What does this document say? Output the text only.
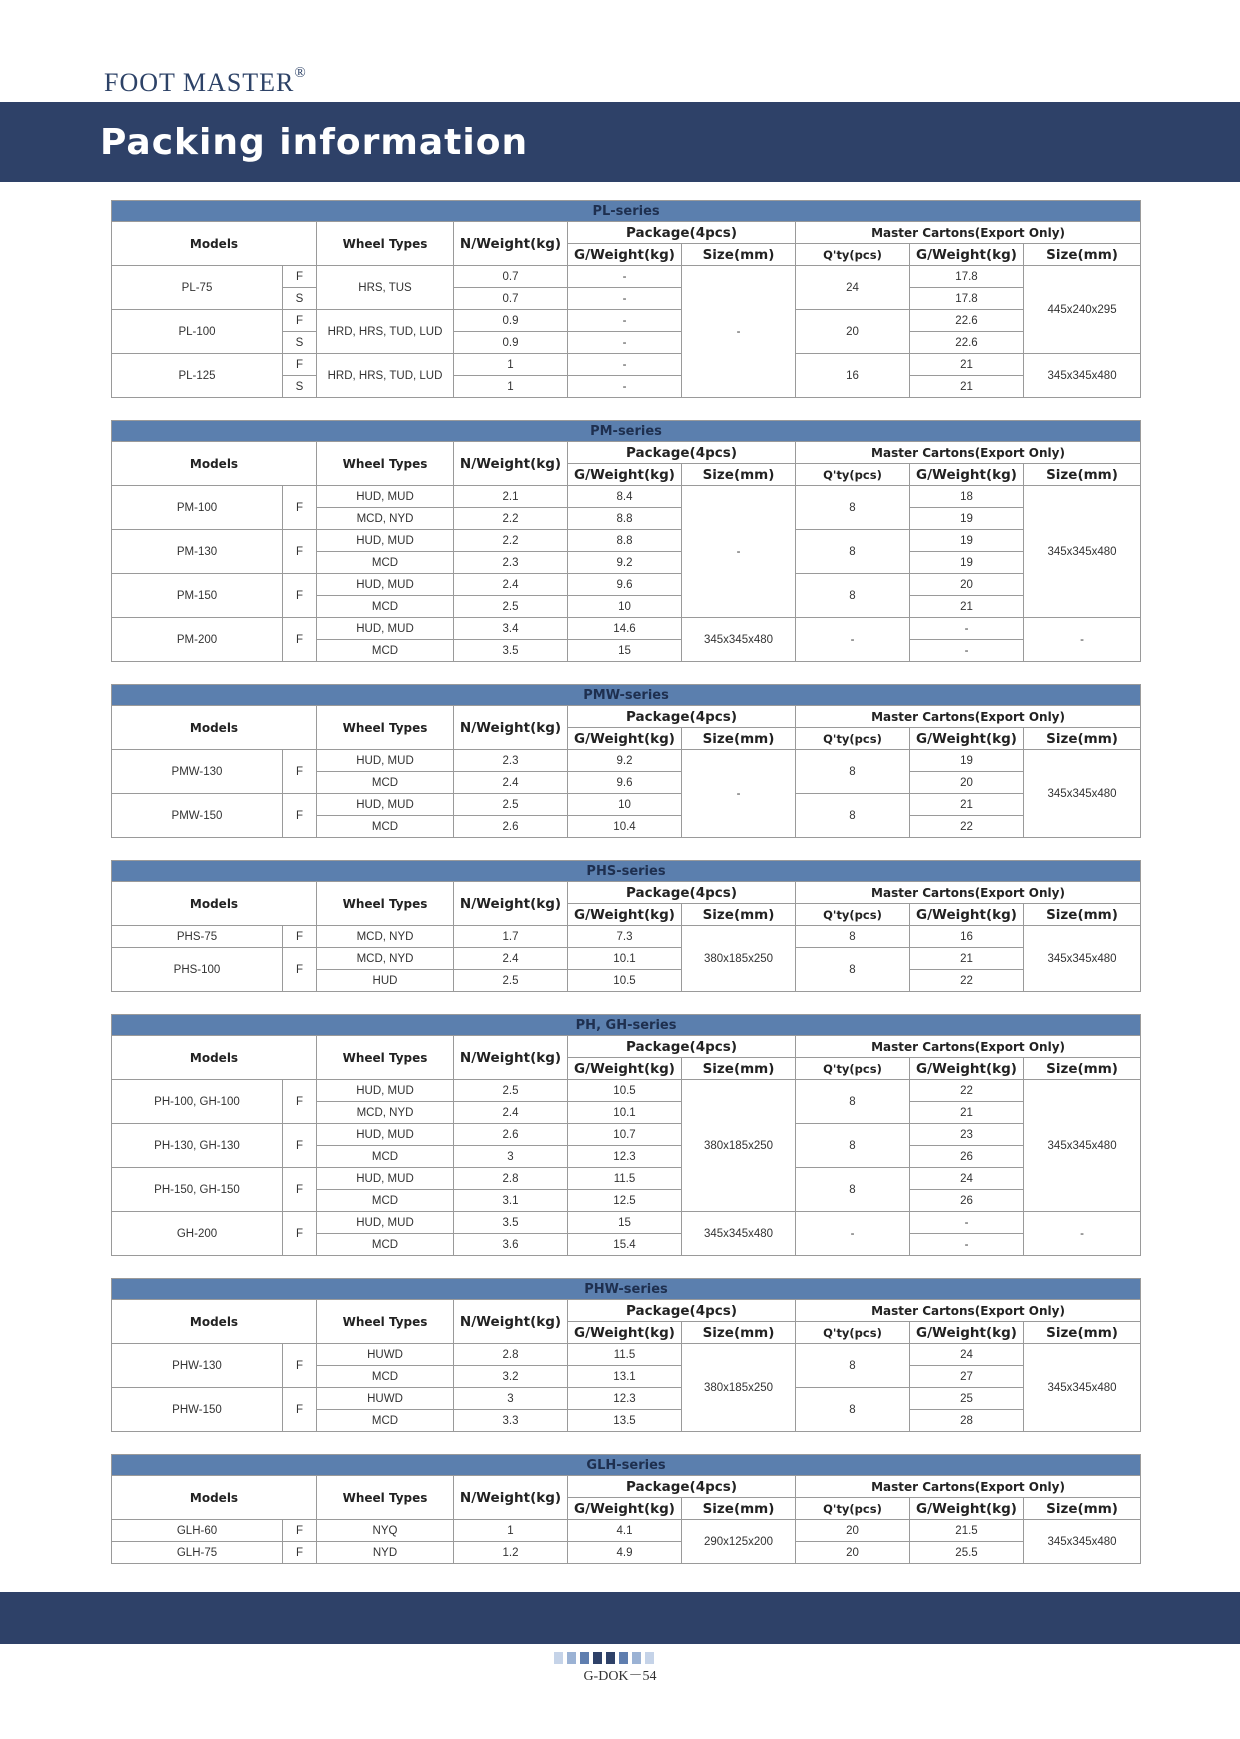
FOOT MASTER®
Packing information
PL-series								
Models		Wheel Types	N/Weight(kg)	Package(4pcs)		Master Cartons(Export Only)		
				G/Weight(kg)	Size(mm)	Q'ty(pcs)	G/Weight(kg)	Size(mm)
PL-75	F	HRS, TUS	0.7	-	-	24	17.8	445x240x295
	S		0.7	-			17.8	
PL-100	F	HRD, HRS, TUD, LUD	0.9	-		20	22.6	
	S		0.9	-			22.6	
PL-125	F	HRD, HRS, TUD, LUD	1	-		16	21	345x345x480
	S		1	-			21	
PM-series								
Models		Wheel Types	N/Weight(kg)	Package(4pcs)		Master Cartons(Export Only)		
				G/Weight(kg)	Size(mm)	Q'ty(pcs)	G/Weight(kg)	Size(mm)
PM-100	F	HUD, MUD	2.1	8.4	-	8	18	345x345x480
		MCD, NYD	2.2	8.8			19	
PM-130	F	HUD, MUD	2.2	8.8		8	19	
		MCD	2.3	9.2			19	
PM-150	F	HUD, MUD	2.4	9.6		8	20	
		MCD	2.5	10			21	
PM-200	F	HUD, MUD	3.4	14.6	345x345x480	-	-	-
		MCD	3.5	15			-	
PMW-series								
Models		Wheel Types	N/Weight(kg)	Package(4pcs)		Master Cartons(Export Only)		
				G/Weight(kg)	Size(mm)	Q'ty(pcs)	G/Weight(kg)	Size(mm)
PMW-130	F	HUD, MUD	2.3	9.2	-	8	19	345x345x480
		MCD	2.4	9.6			20	
PMW-150	F	HUD, MUD	2.5	10		8	21	
		MCD	2.6	10.4			22	
PHS-series								
Models		Wheel Types	N/Weight(kg)	Package(4pcs)		Master Cartons(Export Only)		
				G/Weight(kg)	Size(mm)	Q'ty(pcs)	G/Weight(kg)	Size(mm)
PHS-75	F	MCD, NYD	1.7	7.3	380x185x250	8	16	345x345x480
PHS-100	F	MCD, NYD	2.4	10.1		8	21	
		HUD	2.5	10.5			22	
PH, GH-series								
Models		Wheel Types	N/Weight(kg)	Package(4pcs)		Master Cartons(Export Only)		
				G/Weight(kg)	Size(mm)	Q'ty(pcs)	G/Weight(kg)	Size(mm)
PH-100, GH-100	F	HUD, MUD	2.5	10.5	380x185x250	8	22	345x345x480
		MCD, NYD	2.4	10.1			21	
PH-130, GH-130	F	HUD, MUD	2.6	10.7		8	23	
		MCD	3	12.3			26	
PH-150, GH-150	F	HUD, MUD	2.8	11.5		8	24	
		MCD	3.1	12.5			26	
GH-200	F	HUD, MUD	3.5	15	345x345x480	-	-	-
		MCD	3.6	15.4			-	
PHW-series								
Models		Wheel Types	N/Weight(kg)	Package(4pcs)		Master Cartons(Export Only)		
				G/Weight(kg)	Size(mm)	Q'ty(pcs)	G/Weight(kg)	Size(mm)
PHW-130	F	HUWD	2.8	11.5	380x185x250	8	24	345x345x480
		MCD	3.2	13.1			27	
PHW-150	F	HUWD	3	12.3		8	25	
		MCD	3.3	13.5			28	
GLH-series								
Models		Wheel Types	N/Weight(kg)	Package(4pcs)		Master Cartons(Export Only)		
				G/Weight(kg)	Size(mm)	Q'ty(pcs)	G/Weight(kg)	Size(mm)
GLH-60	F	NYQ	1	4.1	290x125x200	20	21.5	345x345x480
GLH-75	F	NYD	1.2	4.9		20	25.5	
G-DOK－54
